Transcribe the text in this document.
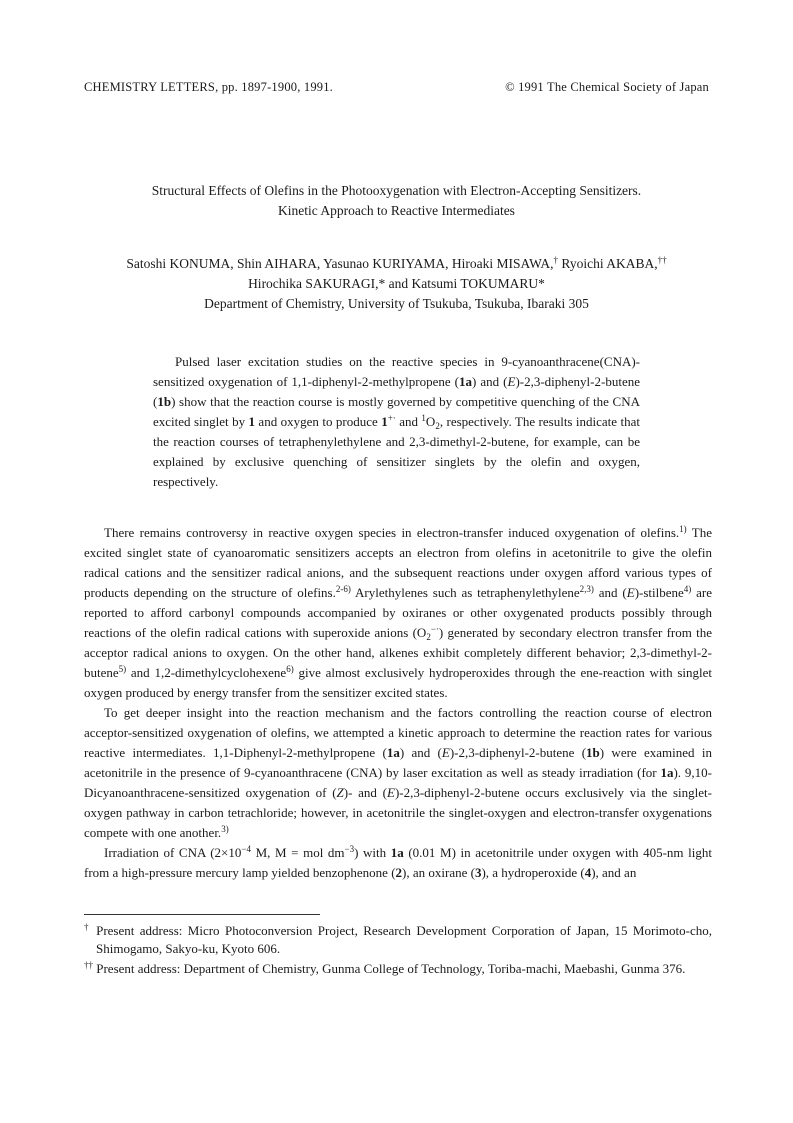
CHEMISTRY LETTERS, pp. 1897-1900, 1991.	© 1991 The Chemical Society of Japan
Structural Effects of Olefins in the Photooxygenation with Electron-Accepting Sensitizers.
Kinetic Approach to Reactive Intermediates
Satoshi KONUMA, Shin AIHARA, Yasunao KURIYAMA, Hiroaki MISAWA,† Ryoichi AKABA,††
Hirochika SAKURAGI,* and Katsumi TOKUMARU*
Department of Chemistry, University of Tsukuba, Tsukuba, Ibaraki 305

Pulsed laser excitation studies on the reactive species in 9-cyanoanthracene(CNA)-sensitized oxygenation of 1,1-diphenyl-2-methylpropene (1a) and (E)-2,3-diphenyl-2-butene (1b) show that the reaction course is mostly governed by competitive quenching of the CNA excited singlet by 1 and oxygen to produce 1+· and $^1O_2$, respectively. The results indicate that the reaction courses of tetraphenylethylene and 2,3-dimethyl-2-butene, for example, can be explained by exclusive quenching of sensitizer singlets by the olefin and oxygen, respectively.

There remains controversy in reactive oxygen species in electron-transfer induced oxygenation of olefins.$^{1)}$ The excited singlet state of cyanoaromatic sensitizers accepts an electron from olefins in acetonitrile to give the olefin radical cations and the sensitizer radical anions, and the subsequent reactions under oxygen afford various types of products depending on the structure of olefins.$^{2-6)}$ Arylethylenes such as tetraphenylethylene$^{2,3)}$ and (E)-stilbene$^{4)}$ are reported to afford carbonyl compounds accompanied by oxiranes or other oxygenated products possibly through reactions of the olefin radical cations with superoxide anions $(O_2^{-\cdot})$ generated by secondary electron transfer from the acceptor radical anions to oxygen. On the other hand, alkenes exhibit completely different behavior; 2,3-dimethyl-2-butene$^{5)}$ and 1,2-dimethylcyclohexene$^{6)}$ give almost exclusively hydroperoxides through the ene-reaction with singlet oxygen produced by energy transfer from the sensitizer excited states.

To get deeper insight into the reaction mechanism and the factors controlling the reaction course of electron acceptor-sensitized oxygenation of olefins, we attempted a kinetic approach to determine the reaction rates for various reactive intermediates. 1,1-Diphenyl-2-methylpropene (1a) and (E)-2,3-diphenyl-2-butene (1b) were examined in acetonitrile in the presence of 9-cyanoanthracene (CNA) by laser excitation as well as steady irradiation (for 1a). 9,10-Dicyanoanthracene-sensitized oxygenation of (Z)- and (E)-2,3-diphenyl-2-butene occurs exclusively via the singlet-oxygen pathway in carbon tetrachloride; however, in acetonitrile the singlet-oxygen and electron-transfer oxygenations compete with one another.$^{3)}$

Irradiation of CNA ($2\times 10^{-4}$ M, M = mol $dm^{-3}$) with 1a (0.01 M) in acetonitrile under oxygen with 405-nm light from a high-pressure mercury lamp yielded benzophenone (2), an oxirane (3), a hydroperoxide (4), and an

† Present address: Micro Photoconversion Project, Research Development Corporation of Japan, 15 Morimoto-cho, Shimogamo, Sakyo-ku, Kyoto 606.

†† Present address: Department of Chemistry, Gunma College of Technology, Toriba-machi, Maebashi, Gunma 376.
